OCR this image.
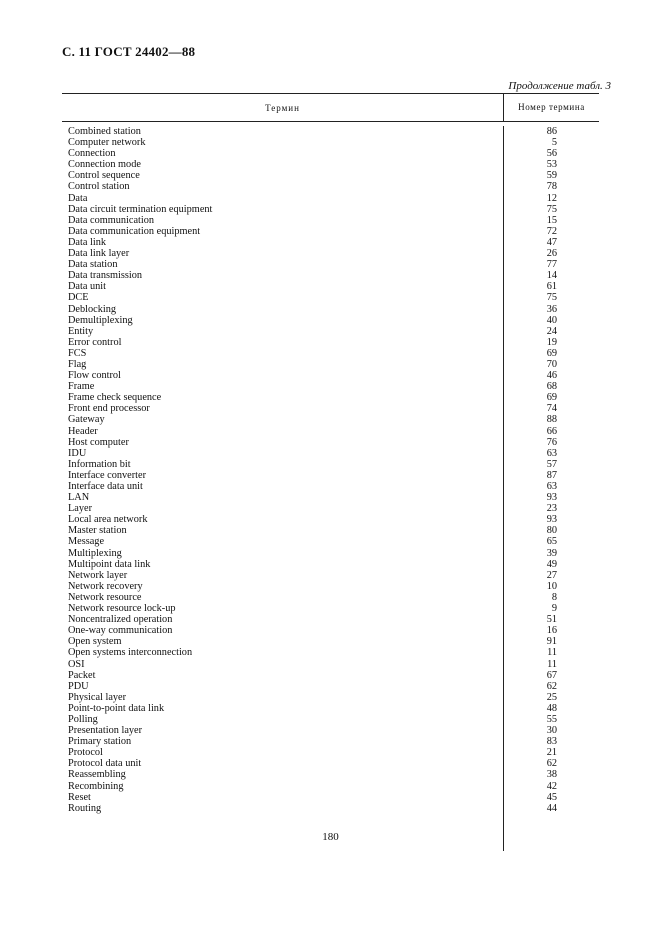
С. 11 ГОСТ 24402—88
Продолжение табл. 3
Термин	Номер термина
Combined station
Computer network
Connection
Connection mode
Control sequence
Control station
Data
Data circuit termination equipment
Data communication
Data communication equipment
Data link
Data link layer
Data station
Data transmission
Data unit
DCE
Deblocking
Demultiplexing
Entity
Error control
FCS
Flag
Flow control
Frame
Frame check sequence
Front end processor
Gateway
Header
Host computer
IDU
Information bit
Interface converter
Interface data unit
LAN
Layer
Local area network
Master station
Message
Multiplexing
Multipoint data link
Network layer
Network recovery
Network resource
Network resource lock-up
Noncentralized operation
One-way communication
Open system
Open systems interconnection
OSI
Packet
PDU
Physical layer
Point-to-point data link
Polling
Presentation layer
Primary station
Protocol
Protocol data unit
Reassembling
Recombining
Reset
Routing
86
5
56
53
59
78
12
75
15
72
47
26
77
14
61
75
36
40
24
19
69
70
46
68
69
74
88
66
76
63
57
87
63
93
23
93
80
65
39
49
27
10
8
9
51
16
91
11
11
67
62
25
48
55
30
83
21
62
38
42
45
44
180
